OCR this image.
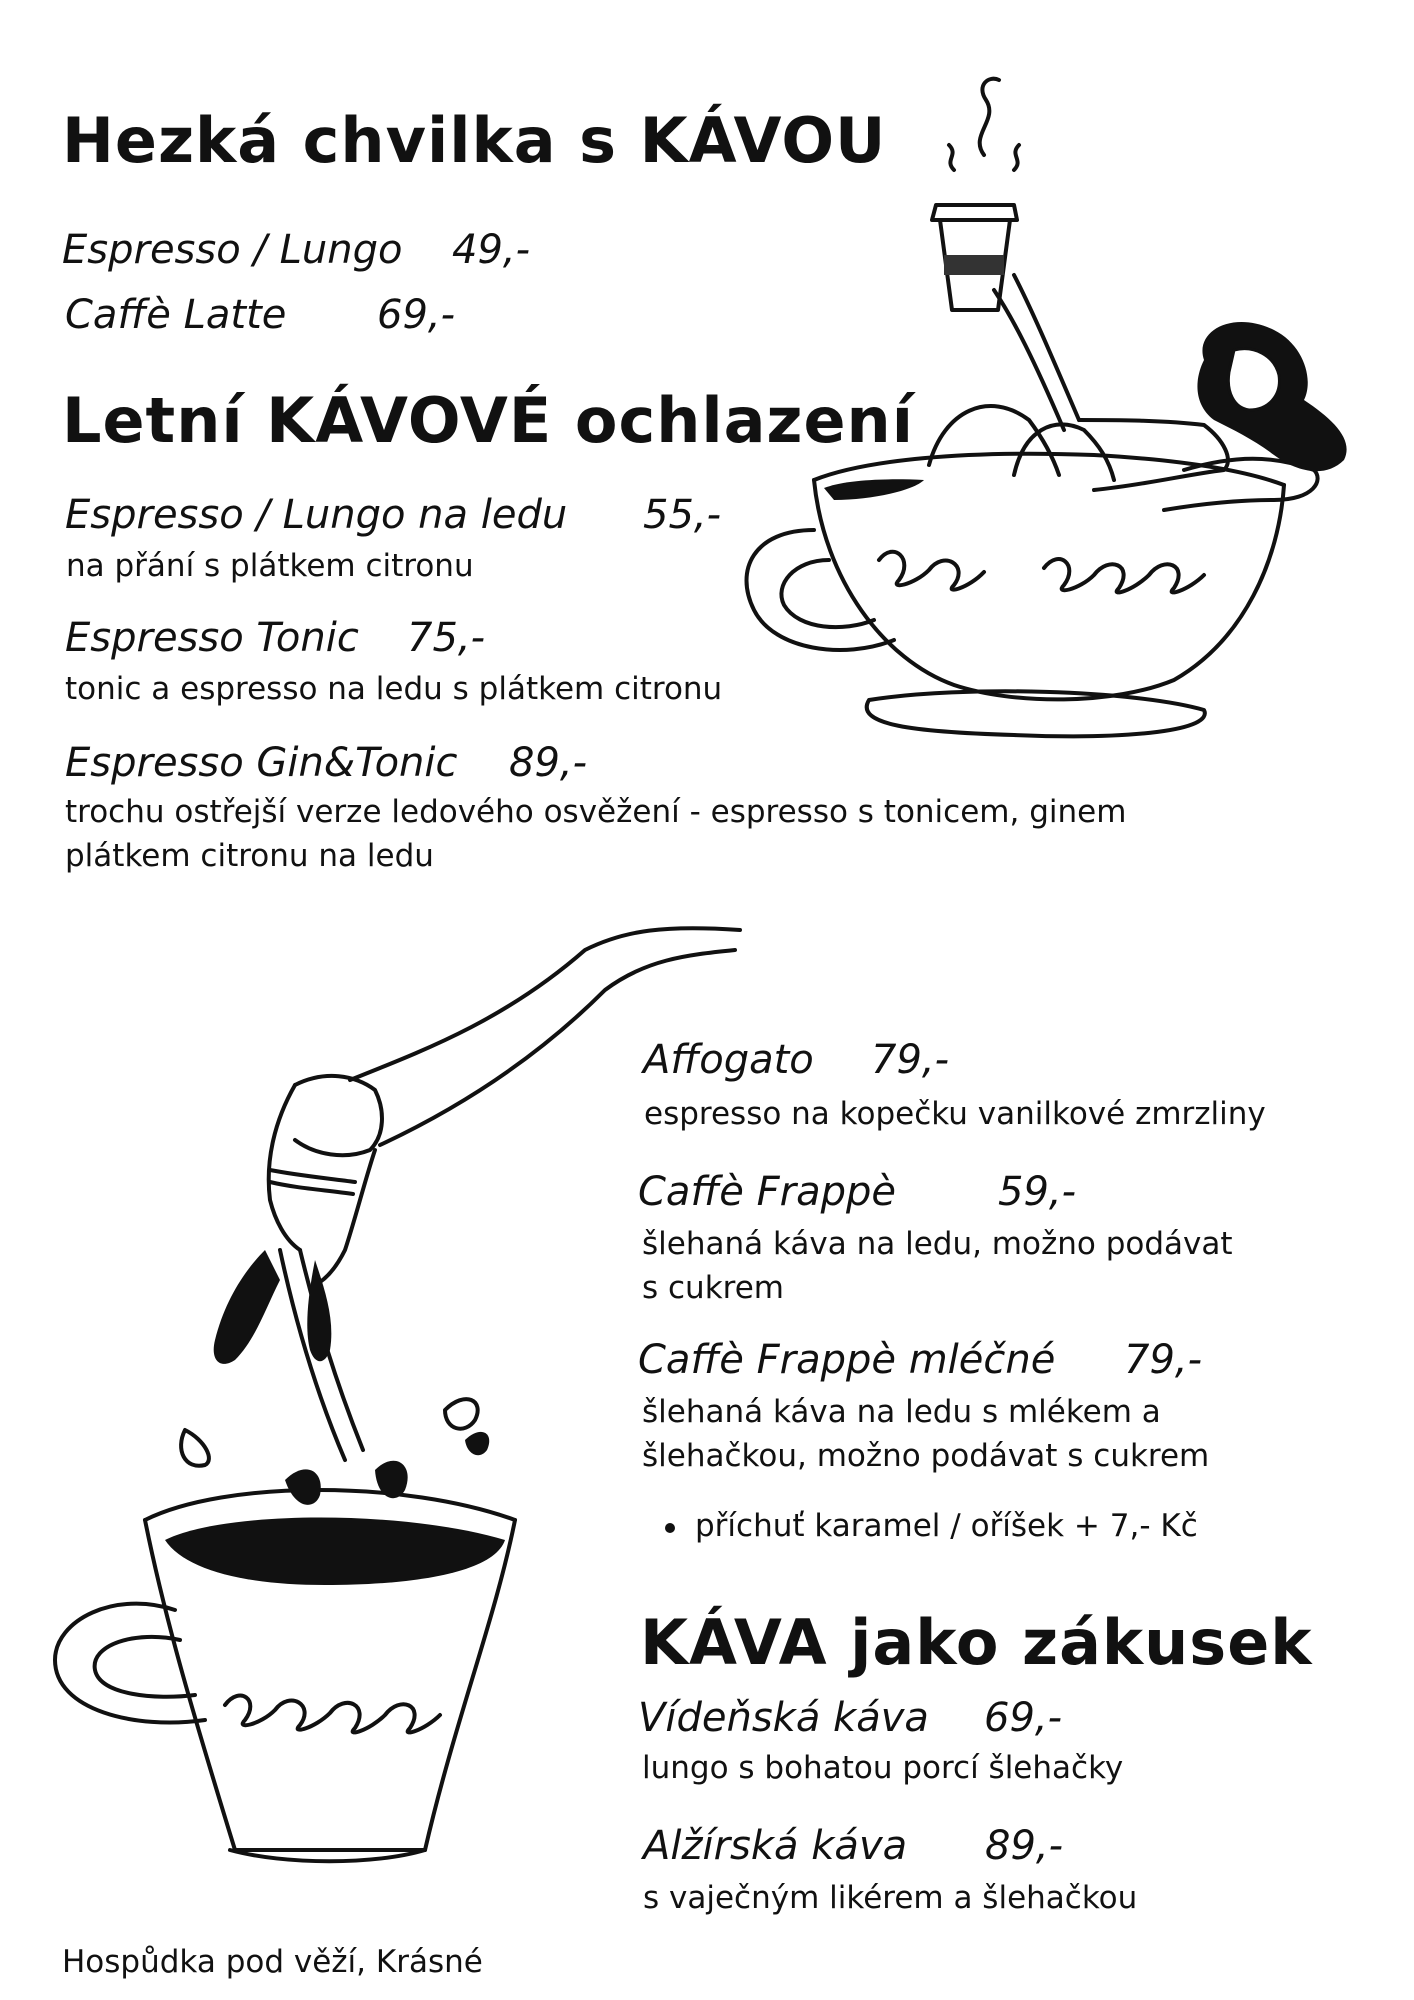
Hezká chvilka s KÁVOU
Espresso / Lungo 49,-
Caffè Latte 69,-
Letní KÁVOVÉ ochlazení
Espresso / Lungo na ledu 55,-
na přání s plátkem citronu
Espresso Tonic 75,-
tonic a espresso na ledu s plátkem citronu
Espresso Gin&Tonic 89,-
trochu ostřejší verze ledového osvěžení - espresso s tonicem, ginem
plátkem citronu na ledu
Affogato 79,-
espresso na kopečku vanilkové zmrzliny
Caffè Frappè	59,-
šlehaná káva na ledu, možno podávat
s cukrem
Caffè Frappè mléčné 79,-
šlehaná káva na ledu s mlékem a
šlehačkou, možno podávat s cukrem
příchuť karamel / oříšek + 7,- Kč
KÁVA jako zákusek
Vídeňská káva 69,-
lungo s bohatou porcí šlehačky
Alžírská káva 89,-
s vaječným likérem a šlehačkou
Hospůdka pod věží, Krásné
